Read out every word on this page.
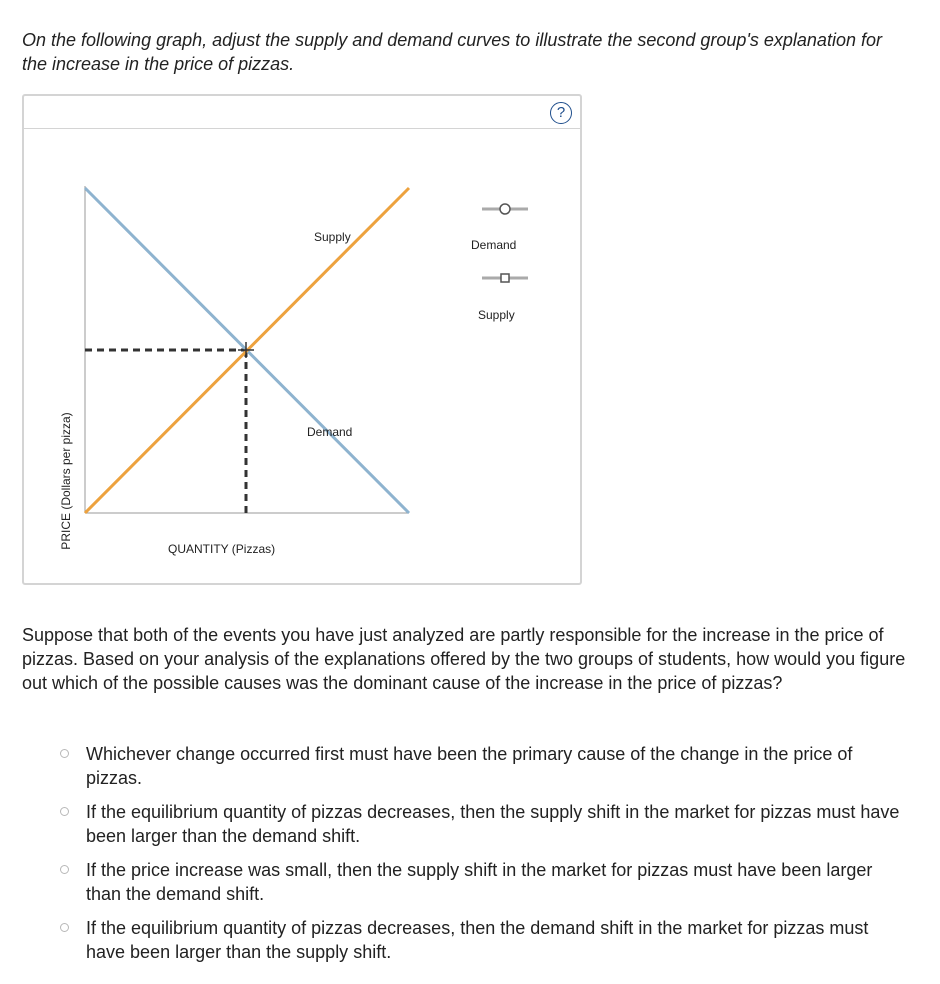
On the following graph, adjust the supply and demand curves to illustrate the second group's explanation for the increase in the price of pizzas.
?
PRICE (Dollars per pizza)	QUANTITY (Pizzas)
Supply
Demand
Demand
Supply
Suppose that both of the events you have just analyzed are partly responsible for the increase in the price of pizzas. Based on your analysis of the explanations offered by the two groups of students, how would you figure out which of the possible causes was the dominant cause of the increase in the price of pizzas?
Whichever change occurred first must have been the primary cause of the change in the price of pizzas.
If the equilibrium quantity of pizzas decreases, then the supply shift in the market for pizzas must have been larger than the demand shift.
If the price increase was small, then the supply shift in the market for pizzas must have been larger than the demand shift.
If the equilibrium quantity of pizzas decreases, then the demand shift in the market for pizzas must have been larger than the supply shift.
